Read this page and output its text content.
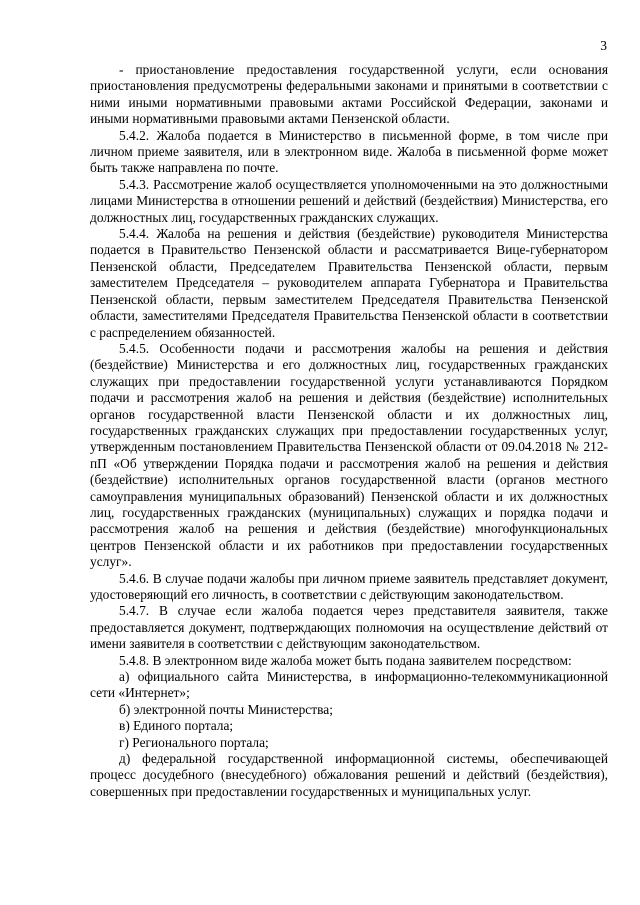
3

- приостановление предоставления государственной услуги, если основания приостановления предусмотрены федеральными законами и принятыми в соответствии с ними иными нормативными правовыми актами Российской Федерации, законами и иными нормативными правовыми актами Пензенской области.

5.4.2. Жалоба подается в Министерство в письменной форме, в том числе при личном приеме заявителя, или в электронном виде. Жалоба в письменной форме может быть также направлена по почте.

5.4.3. Рассмотрение жалоб осуществляется уполномоченными на это должностными лицами Министерства в отношении решений и действий (бездействия) Министерства, его должностных лиц, государственных гражданских служащих.

5.4.4. Жалоба на решения и действия (бездействие) руководителя Министерства подается в Правительство Пензенской области и рассматривается Вице-губернатором Пензенской области, Председателем Правительства Пензенской области, первым заместителем Председателя – руководителем аппарата Губернатора и Правительства Пензенской области, первым заместителем Председателя Правительства Пензенской области, заместителями Председателя Правительства Пензенской области в соответствии с распределением обязанностей.

5.4.5. Особенности подачи и рассмотрения жалобы на решения и действия (бездействие) Министерства и его должностных лиц, государственных гражданских служащих при предоставлении государственной услуги устанавливаются Порядком подачи и рассмотрения жалоб на решения и действия (бездействие) исполнительных органов государственной власти Пензенской области и их должностных лиц, государственных гражданских служащих при предоставлении государственных услуг, утвержденным постановлением Правительства Пензенской области от 09.04.2018 № 212-пП «Об утверждении Порядка подачи и рассмотрения жалоб на решения и действия (бездействие) исполнительных органов государственной власти (органов местного самоуправления муниципальных образований) Пензенской области и их должностных лиц, государственных гражданских (муниципальных) служащих и порядка подачи и рассмотрения жалоб на решения и действия (бездействие) многофункциональных центров Пензенской области и их работников при предоставлении государственных услуг».

5.4.6. В случае подачи жалобы при личном приеме заявитель представляет документ, удостоверяющий его личность, в соответствии с действующим законодательством.

5.4.7. В случае если жалоба подается через представителя заявителя, также предоставляется документ, подтверждающих полномочия на осуществление действий от имени заявителя в соответствии с действующим законодательством.

5.4.8. В электронном виде жалоба может быть подана заявителем посредством:

а) официального сайта Министерства, в информационно-телекоммуникационной сети «Интернет»;

б) электронной почты Министерства;

в) Единого портала;

г) Регионального портала;

д) федеральной государственной информационной системы, обеспечивающей процесс досудебного (внесудебного) обжалования решений и действий (бездействия), совершенных при предоставлении государственных и муниципальных услуг.
